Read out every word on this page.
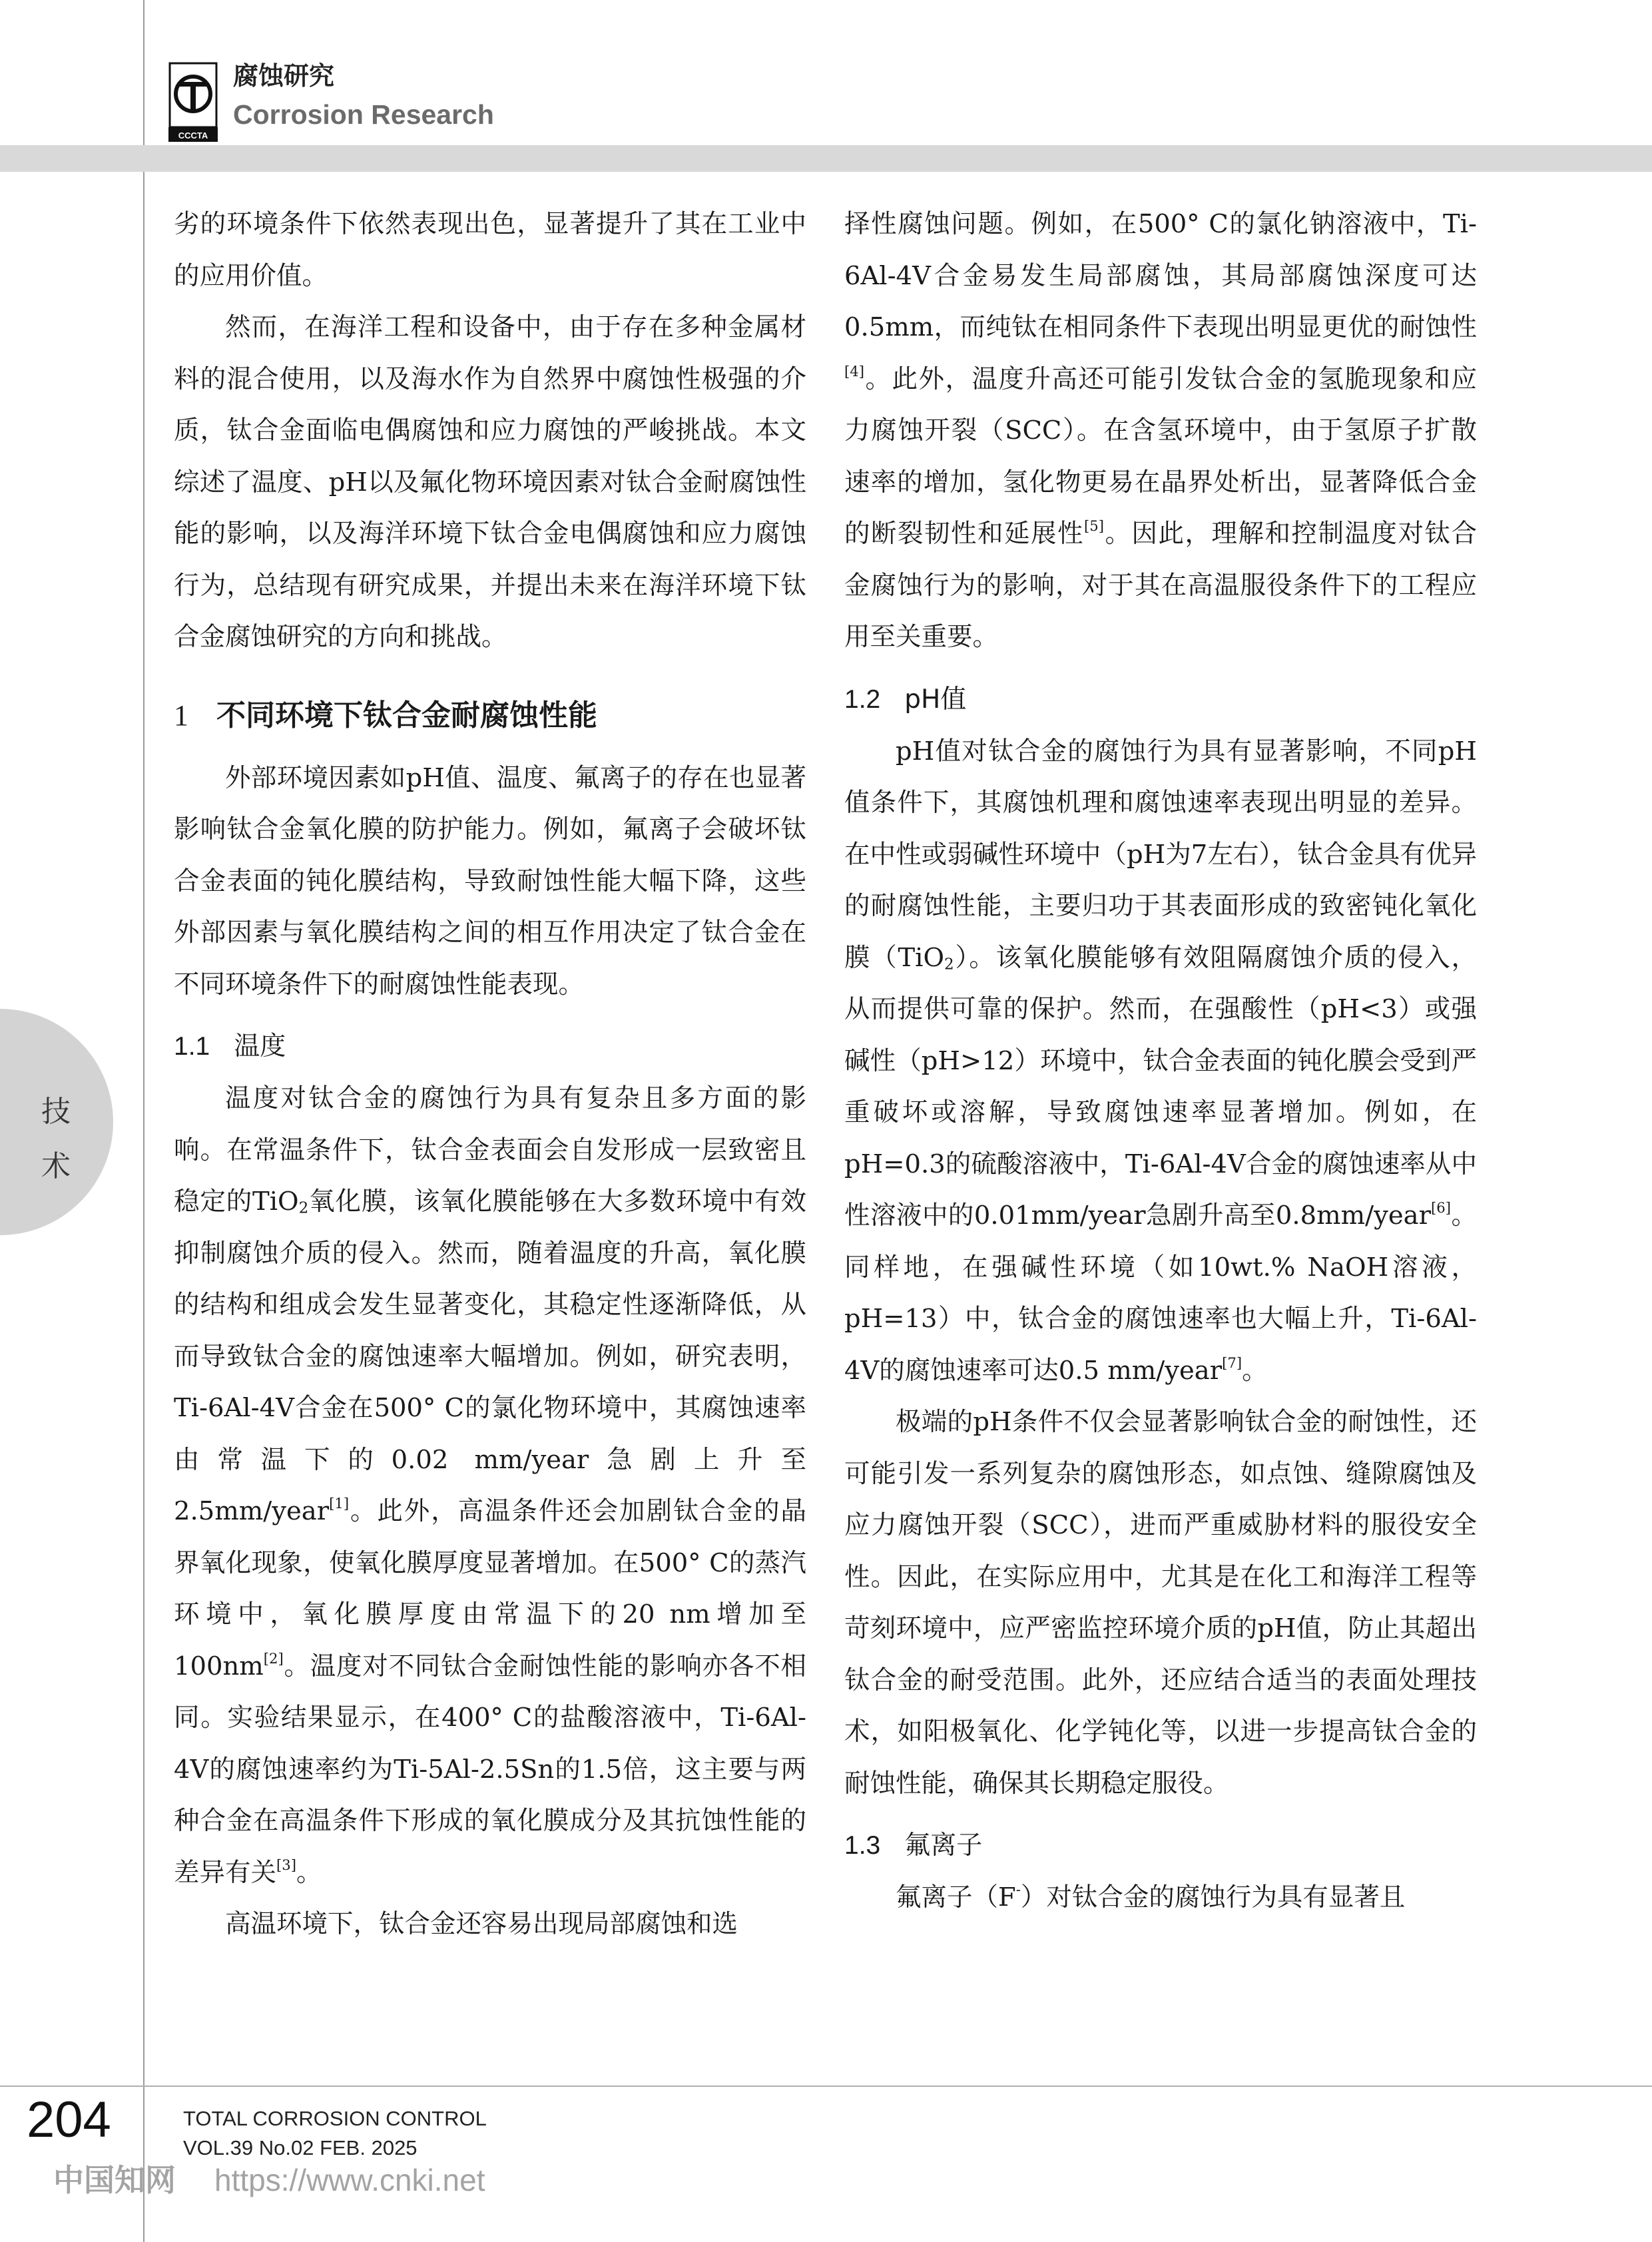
CCCTA
腐蚀研究
Corrosion Research
技
术

劣的环境条件下依然表现出色，显著提升了其在工业中的应用价值。

然而，在海洋工程和设备中，由于存在多种金属材料的混合使用，以及海水作为自然界中腐蚀性极强的介质，钛合金面临电偶腐蚀和应力腐蚀的严峻挑战。本文综述了温度、pH以及氟化物环境因素对钛合金耐腐蚀性能的影响，以及海洋环境下钛合金电偶腐蚀和应力腐蚀行为，总结现有研究成果，并提出未来在海洋环境下钛合金腐蚀研究的方向和挑战。

1 不同环境下钛合金耐腐蚀性能

外部环境因素如pH值、温度、氟离子的存在也显著影响钛合金氧化膜的防护能力。例如，氟离子会破坏钛合金表面的钝化膜结构，导致耐蚀性能大幅下降，这些外部因素与氧化膜结构之间的相互作用决定了钛合金在不同环境条件下的耐腐蚀性能表现。

1.1 温度

温度对钛合金的腐蚀行为具有复杂且多方面的影响。在常温条件下，钛合金表面会自发形成一层致密且稳定的TiO$_2$氧化膜，该氧化膜能够在大多数环境中有效抑制腐蚀介质的侵入。然而，随着温度的升高，氧化膜的结构和组成会发生显著变化，其稳定性逐渐降低，从而导致钛合金的腐蚀速率大幅增加。例如，研究表明，Ti-6Al-4V合金在500° C的氯化物环境中，其腐蚀速率由常温下的0.02 mm/year急剧上升至2.5mm/year[1]。此外，高温条件还会加剧钛合金的晶界氧化现象，使氧化膜厚度显著增加。在500° C的蒸汽环境中，氧化膜厚度由常温下的20 nm增加至100nm[2]。温度对不同钛合金耐蚀性能的影响亦各不相同。实验结果显示，在400° C的盐酸溶液中，Ti-6Al-4V的腐蚀速率约为Ti-5Al-2.5Sn的1.5倍，这主要与两种合金在高温条件下形成的氧化膜成分及其抗蚀性能的差异有关[3]。

高温环境下，钛合金还容易出现局部腐蚀和选

择性腐蚀问题。例如，在500° C的氯化钠溶液中，Ti-6Al-4V合金易发生局部腐蚀，其局部腐蚀深度可达0.5mm，而纯钛在相同条件下表现出明显更优的耐蚀性[4]。此外，温度升高还可能引发钛合金的氢脆现象和应力腐蚀开裂（SCC）。在含氢环境中，由于氢原子扩散速率的增加，氢化物更易在晶界处析出，显著降低合金的断裂韧性和延展性[5]。因此，理解和控制温度对钛合金腐蚀行为的影响，对于其在高温服役条件下的工程应用至关重要。

1.2 pH值

pH值对钛合金的腐蚀行为具有显著影响，不同pH值条件下，其腐蚀机理和腐蚀速率表现出明显的差异。在中性或弱碱性环境中（pH为7左右），钛合金具有优异的耐腐蚀性能，主要归功于其表面形成的致密钝化氧化膜（TiO$_2$）。该氧化膜能够有效阻隔腐蚀介质的侵入，从而提供可靠的保护。然而，在强酸性（pH<3）或强碱性（pH>12）环境中，钛合金表面的钝化膜会受到严重破坏或溶解，导致腐蚀速率显著增加。例如，在pH=0.3的硫酸溶液中，Ti-6Al-4V合金的腐蚀速率从中性溶液中的0.01mm/year急剧升高至0.8mm/year[6]。同样地，在强碱性环境（如10wt.% NaOH溶液，pH=13）中，钛合金的腐蚀速率也大幅上升，Ti-6Al-4V的腐蚀速率可达0.5 mm/year[7]。

极端的pH条件不仅会显著影响钛合金的耐蚀性，还可能引发一系列复杂的腐蚀形态，如点蚀、缝隙腐蚀及应力腐蚀开裂（SCC），进而严重威胁材料的服役安全性。因此，在实际应用中，尤其是在化工和海洋工程等苛刻环境中，应严密监控环境介质的pH值，防止其超出钛合金的耐受范围。此外，还应结合适当的表面处理技术，如阳极氧化、化学钝化等，以进一步提高钛合金的耐蚀性能，确保其长期稳定服役。

1.3 氟离子

氟离子（F-）对钛合金的腐蚀行为具有显著且

204	TOTAL CORROSION CONTROL
VOL.39 No.02 FEB. 2025
中国知网 https://www.cnki.net
